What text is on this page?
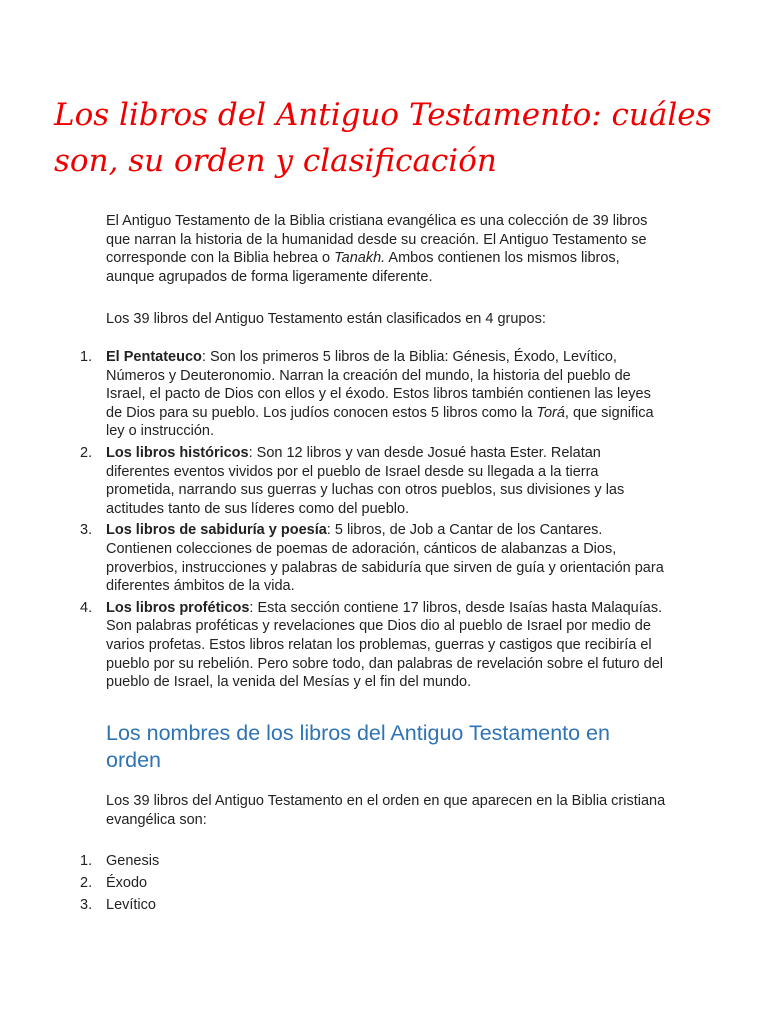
Los libros del Antiguo Testamento: cuáles son, su orden y clasificación

El Antiguo Testamento de la Biblia cristiana evangélica es una colección de 39 libros que narran la historia de la humanidad desde su creación. El Antiguo Testamento se corresponde con la Biblia hebrea o Tanakh. Ambos contienen los mismos libros, aunque agrupados de forma ligeramente diferente.

Los 39 libros del Antiguo Testamento están clasificados en 4 grupos:

1. El Pentateuco: Son los primeros 5 libros de la Biblia: Génesis, Éxodo, Levítico, Números y Deuteronomio. Narran la creación del mundo, la historia del pueblo de Israel, el pacto de Dios con ellos y el éxodo. Estos libros también contienen las leyes de Dios para su pueblo. Los judíos conocen estos 5 libros como la Torá, que significa ley o instrucción.
2. Los libros históricos: Son 12 libros y van desde Josué hasta Ester. Relatan diferentes eventos vividos por el pueblo de Israel desde su llegada a la tierra prometida, narrando sus guerras y luchas con otros pueblos, sus divisiones y las actitudes tanto de sus líderes como del pueblo.
3. Los libros de sabiduría y poesía: 5 libros, de Job a Cantar de los Cantares. Contienen colecciones de poemas de adoración, cánticos de alabanzas a Dios, proverbios, instrucciones y palabras de sabiduría que sirven de guía y orientación para diferentes ámbitos de la vida.
4. Los libros proféticos: Esta sección contiene 17 libros, desde Isaías hasta Malaquías. Son palabras proféticas y revelaciones que Dios dio al pueblo de Israel por medio de varios profetas. Estos libros relatan los problemas, guerras y castigos que recibiría el pueblo por su rebelión. Pero sobre todo, dan palabras de revelación sobre el futuro del pueblo de Israel, la venida del Mesías y el fin del mundo.
Los nombres de los libros del Antiguo Testamento en orden

Los 39 libros del Antiguo Testamento en el orden en que aparecen en la Biblia cristiana evangélica son:

1. Genesis
2. Éxodo
3. Levítico
